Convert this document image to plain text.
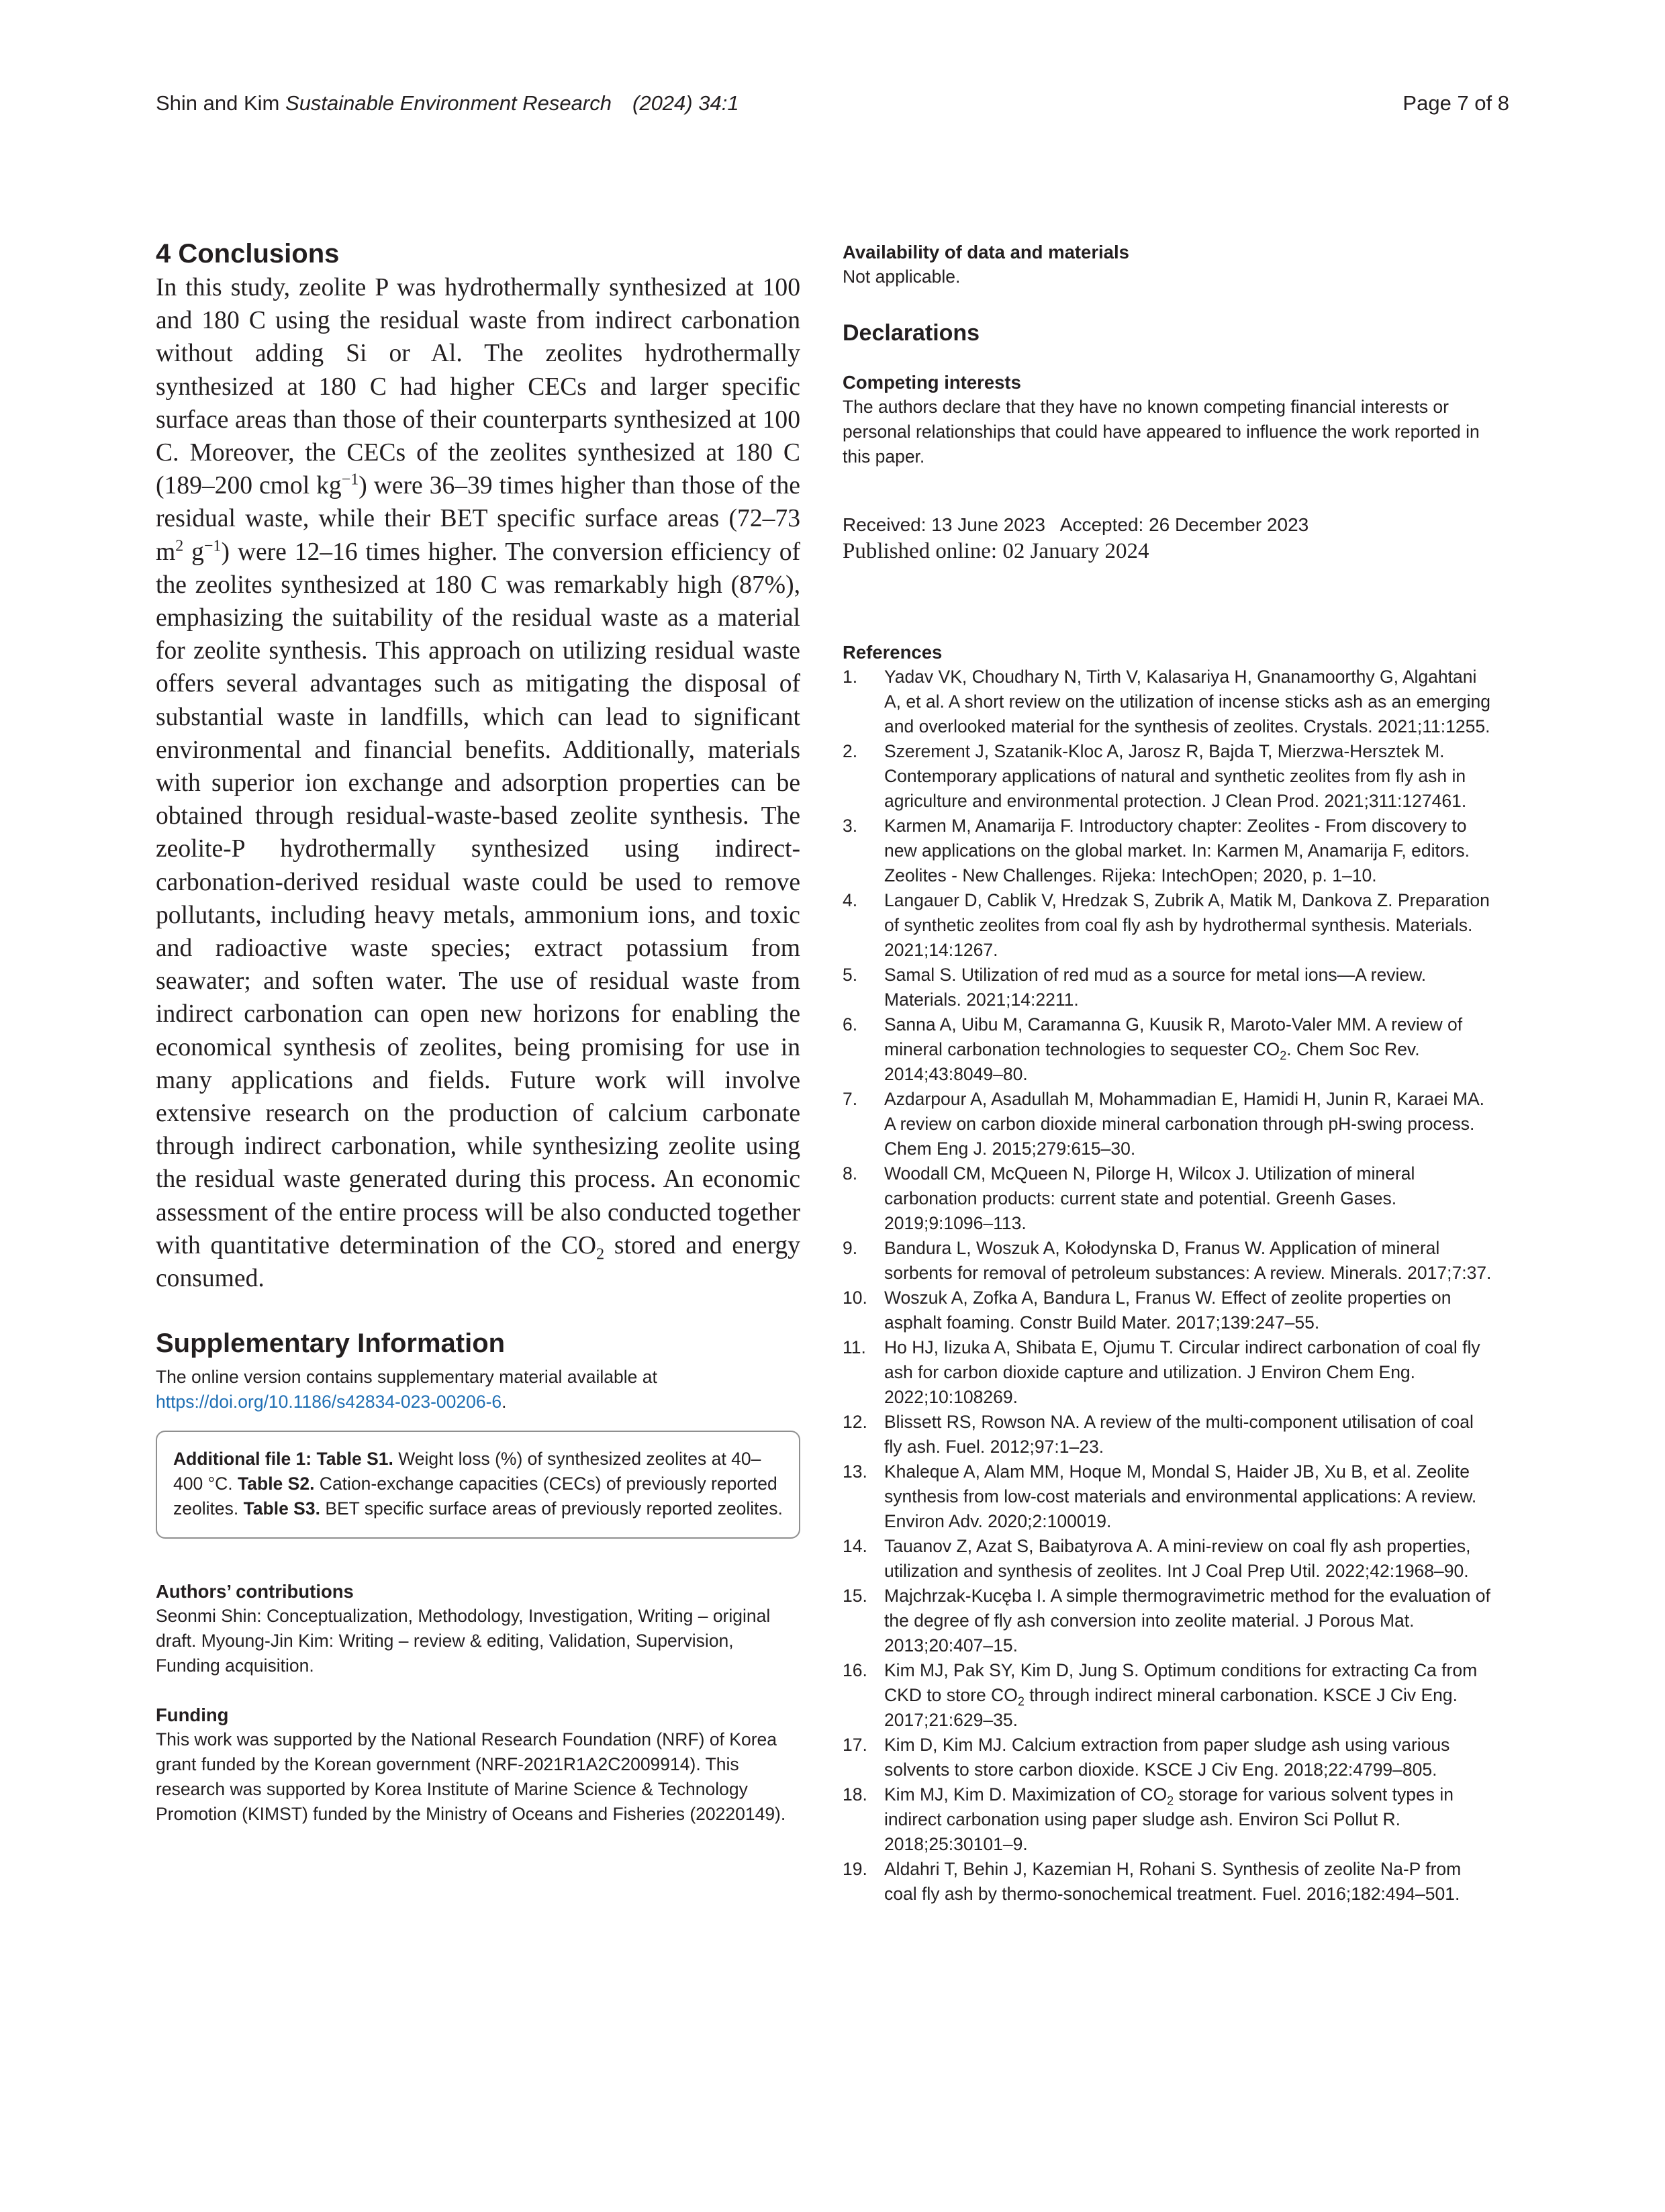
Shin and Kim Sustainable Environment Research (2024) 34:1	Page 7 of 8
4 Conclusions

In this study, zeolite P was hydrothermally synthesized at 100 and 180 C using the residual waste from indirect carbonation without adding Si or Al. The zeolites hydrothermally synthesized at 180 C had higher CECs and larger specific surface areas than those of their counterparts synthesized at 100 C. Moreover, the CECs of the zeolites synthesized at 180 C (189–200 cmol $kg^{-1}$) were 36–39 times higher than those of the residual waste, while their BET specific surface areas (72–73 $m^2$ $g^{-1}$) were 12–16 times higher. The conversion efficiency of the zeolites synthesized at 180 C was remarkably high (87%), emphasizing the suitability of the residual waste as a material for zeolite synthesis. This approach on utilizing residual waste offers several advantages such as mitigating the disposal of substantial waste in landfills, which can lead to significant environmental and financial benefits. Additionally, materials with superior ion exchange and adsorption properties can be obtained through residual-waste-based zeolite synthesis. The zeolite-P hydrothermally synthesized using indirect-carbonation-derived residual waste could be used to remove pollutants, including heavy metals, ammonium ions, and toxic and radioactive waste species; extract potassium from seawater; and soften water. The use of residual waste from indirect carbonation can open new horizons for enabling the economical synthesis of zeolites, being promising for use in many applications and fields. Future work will involve extensive research on the production of calcium carbonate through indirect carbonation, while synthesizing zeolite using the residual waste generated during this process. An economic assessment of the entire process will be also conducted together with quantitative determination of the $CO_2$ stored and energy consumed.

Supplementary Information

The online version contains supplementary material available at https://doi.org/10.1186/s42834-023-00206-6.

Additional file 1: Table S1. Weight loss (%) of synthesized zeolites at 40–400 °C. Table S2. Cation-exchange capacities (CECs) of previously reported zeolites. Table S3. BET specific surface areas of previously reported zeolites.

Authors’ contributions

Seonmi Shin: Conceptualization, Methodology, Investigation, Writing – original draft. Myoung-Jin Kim: Writing – review & editing, Validation, Supervision, Funding acquisition.

Funding

This work was supported by the National Research Foundation (NRF) of Korea grant funded by the Korean government (NRF-2021R1A2C2009914). This research was supported by Korea Institute of Marine Science & Technology Promotion (KIMST) funded by the Ministry of Oceans and Fisheries (20220149).

Availability of data and materials

Not applicable.

Declarations

Competing interests

The authors declare that they have no known competing financial interests or personal relationships that could have appeared to influence the work reported in this paper.

Received: 13 June 2023   Accepted: 26 December 2023

Published online: 02 January 2024

References

1. Yadav VK, Choudhary N, Tirth V, Kalasariya H, Gnanamoorthy G, Algahtani A, et al. A short review on the utilization of incense sticks ash as an emerging and overlooked material for the synthesis of zeolites. Crystals. 2021;11:1255.
2. Szerement J, Szatanik-Kloc A, Jarosz R, Bajda T, Mierzwa-Hersztek M. Contemporary applications of natural and synthetic zeolites from fly ash in agriculture and environmental protection. J Clean Prod. 2021;311:127461.
3. Karmen M, Anamarija F. Introductory chapter: Zeolites - From discovery to new applications on the global market. In: Karmen M, Anamarija F, editors. Zeolites - New Challenges. Rijeka: IntechOpen; 2020, p. 1–10.
4. Langauer D, Cablik V, Hredzak S, Zubrik A, Matik M, Dankova Z. Preparation of synthetic zeolites from coal fly ash by hydrothermal synthesis. Materials. 2021;14:1267.
5. Samal S. Utilization of red mud as a source for metal ions—A review. Materials. 2021;14:2211.
6. Sanna A, Uibu M, Caramanna G, Kuusik R, Maroto-Valer MM. A review of mineral carbonation technologies to sequester $CO_2$. Chem Soc Rev. 2014;43:8049–80.
7. Azdarpour A, Asadullah M, Mohammadian E, Hamidi H, Junin R, Karaei MA. A review on carbon dioxide mineral carbonation through pH-swing process. Chem Eng J. 2015;279:615–30.
8. Woodall CM, McQueen N, Pilorge H, Wilcox J. Utilization of mineral carbonation products: current state and potential. Greenh Gases. 2019;9:1096–113.
9. Bandura L, Woszuk A, Kołodynska D, Franus W. Application of mineral sorbents for removal of petroleum substances: A review. Minerals. 2017;7:37.
10. Woszuk A, Zofka A, Bandura L, Franus W. Effect of zeolite properties on asphalt foaming. Constr Build Mater. 2017;139:247–55.
11. Ho HJ, Iizuka A, Shibata E, Ojumu T. Circular indirect carbonation of coal fly ash for carbon dioxide capture and utilization. J Environ Chem Eng. 2022;10:108269.
12. Blissett RS, Rowson NA. A review of the multi-component utilisation of coal fly ash. Fuel. 2012;97:1–23.
13. Khaleque A, Alam MM, Hoque M, Mondal S, Haider JB, Xu B, et al. Zeolite synthesis from low-cost materials and environmental applications: A review. Environ Adv. 2020;2:100019.
14. Tauanov Z, Azat S, Baibatyrova A. A mini-review on coal fly ash properties, utilization and synthesis of zeolites. Int J Coal Prep Util. 2022;42:1968–90.
15. Majchrzak-Kucęba I. A simple thermogravimetric method for the evaluation of the degree of fly ash conversion into zeolite material. J Porous Mat. 2013;20:407–15.
16. Kim MJ, Pak SY, Kim D, Jung S. Optimum conditions for extracting Ca from CKD to store $CO_2$ through indirect mineral carbonation. KSCE J Civ Eng. 2017;21:629–35.
17. Kim D, Kim MJ. Calcium extraction from paper sludge ash using various solvents to store carbon dioxide. KSCE J Civ Eng. 2018;22:4799–805.
18. Kim MJ, Kim D. Maximization of $CO_2$ storage for various solvent types in indirect carbonation using paper sludge ash. Environ Sci Pollut R. 2018;25:30101–9.
19. Aldahri T, Behin J, Kazemian H, Rohani S. Synthesis of zeolite Na-P from coal fly ash by thermo-sonochemical treatment. Fuel. 2016;182:494–501.
